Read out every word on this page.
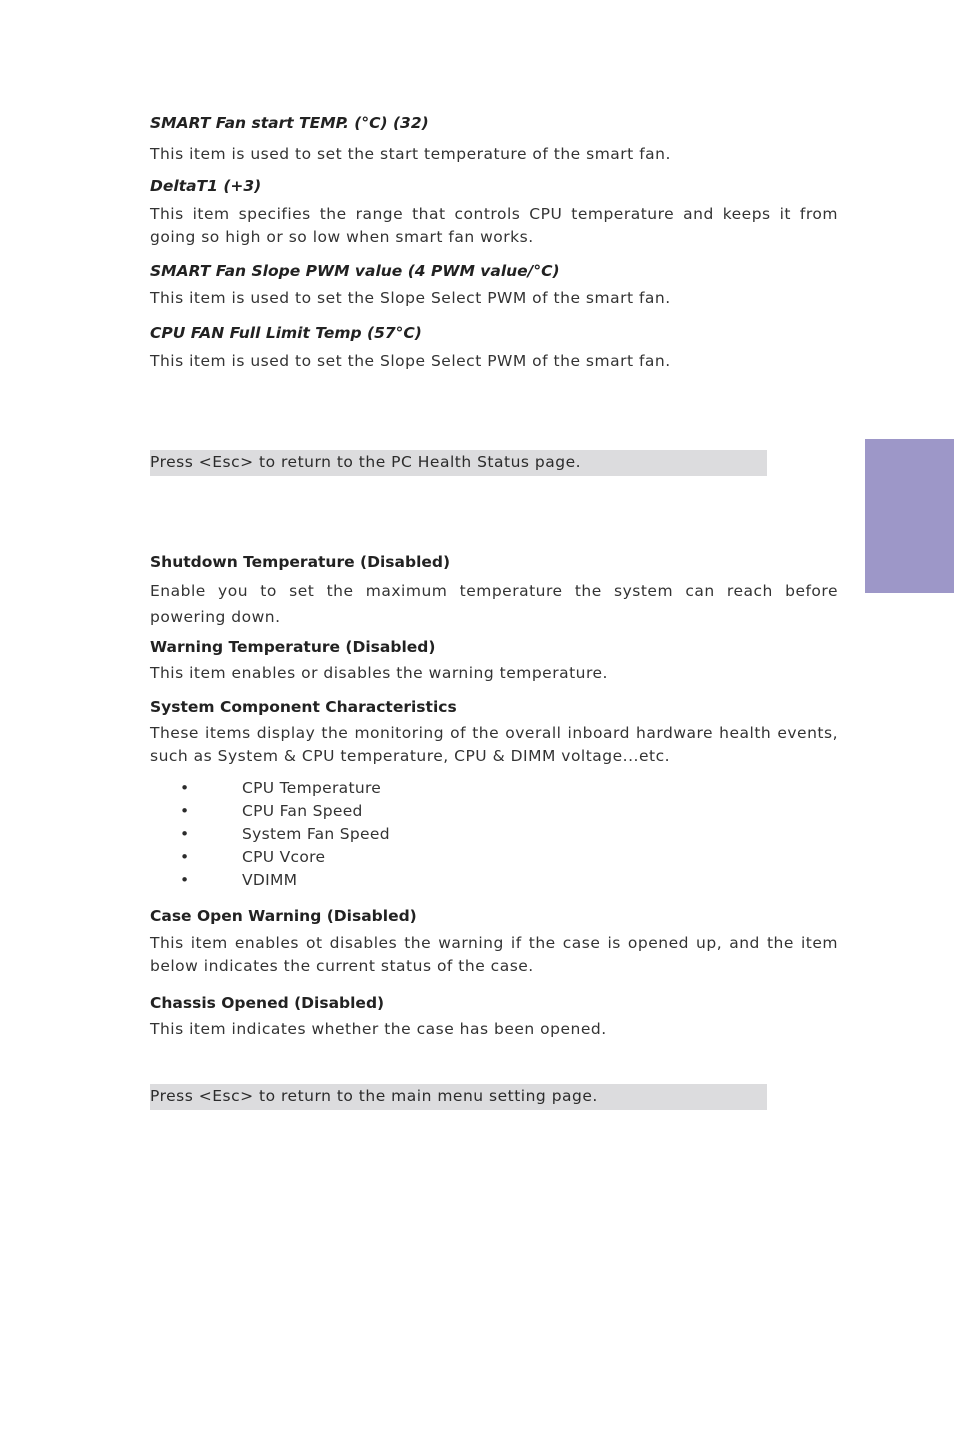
SMART Fan start TEMP. (°C) (32)
This item is used to set the start temperature of the smart fan.
DeltaT1 (+3)
This item specifies the range that controls CPU temperature and keeps it from going so high or so low when smart fan works.
SMART Fan Slope PWM value (4 PWM value/°C)
This item is used to set the Slope Select PWM of the smart fan.
CPU FAN Full Limit Temp (57°C)
This item is used to set the Slope Select PWM of the smart fan.
Press <Esc> to return to the PC Health Status page.
Shutdown Temperature (Disabled)
Enable you to set the maximum temperature the system can reach before powering down.
Warning Temperature (Disabled)
This item enables or disables the warning temperature.
System Component Characteristics
These items display the monitoring of the overall inboard hardware health events, such as System & CPU temperature, CPU & DIMM voltage...etc.
•	CPU Temperature
•	CPU Fan Speed
•	System Fan Speed
•	CPU Vcore
•	VDIMM
Case Open Warning (Disabled)
This item enables ot disables the warning if the case is opened up, and the item below indicates the current status of the case.
Chassis Opened (Disabled)
This item indicates whether the case has been opened.
Press <Esc> to return to the main menu setting page.
